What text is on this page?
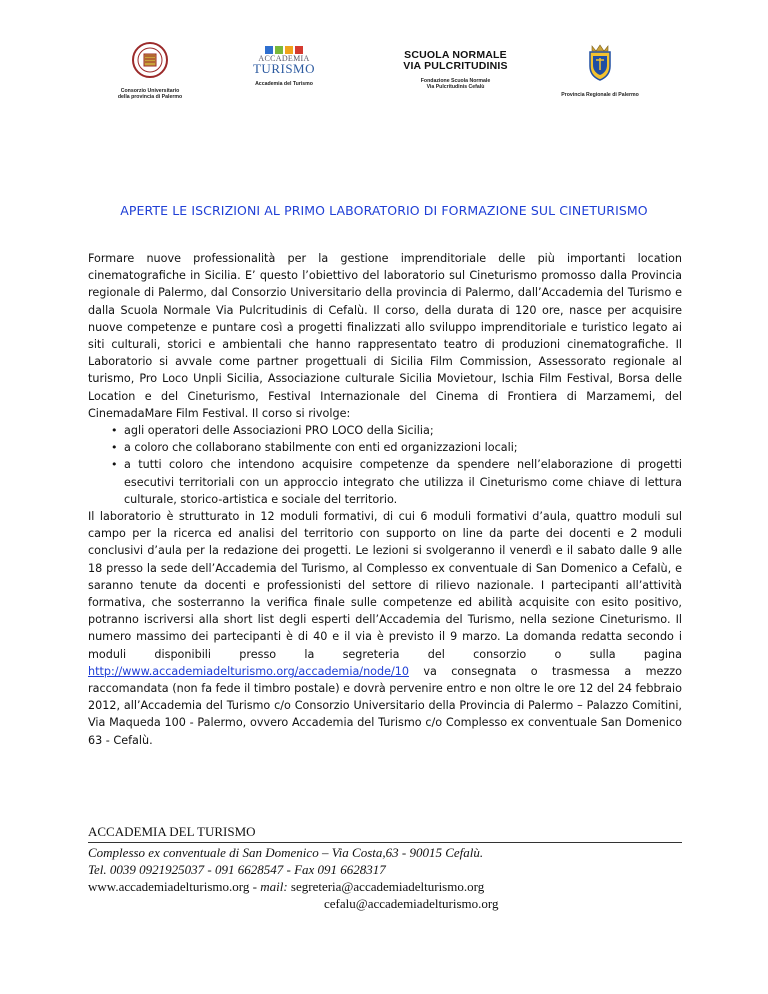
Consorzio Universitario
della provincia di Palermo
ACCADEMIA
TURISMO
Accademia del Turismo
SCUOLA NORMALE
VIA PULCRITUDINIS
Fondazione Scuola Normale
Via Pulcritudinis Cefalù
Provincia Regionale di Palermo
APERTE LE ISCRIZIONI AL PRIMO LABORATORIO DI FORMAZIONE SUL CINETURISMO

Formare nuove professionalità per la gestione imprenditoriale delle più importanti location cinematografiche in Sicilia. E’ questo l’obiettivo del laboratorio sul Cineturismo promosso dalla Provincia regionale di Palermo, dal Consorzio Universitario della provincia di Palermo, dall’Accademia del Turismo e dalla Scuola Normale Via Pulcritudinis di Cefalù. Il corso, della durata di 120 ore, nasce per acquisire nuove competenze e puntare così a progetti finalizzati allo sviluppo imprenditoriale e turistico legato ai siti culturali, storici e ambientali che hanno rappresentato teatro di produzioni cinematografiche. Il Laboratorio si avvale come partner progettuali di Sicilia Film Commission, Assessorato regionale al turismo, Pro Loco Unpli Sicilia, Associazione culturale Sicilia Movietour, Ischia Film Festival, Borsa delle Location e del Cineturismo, Festival Internazionale del Cinema di Frontiera di Marzamemi, del CinemadaMare Film Festival. Il corso si rivolge:

• agli operatori delle Associazioni PRO LOCO della Sicilia;
• a coloro che collaborano stabilmente con enti ed organizzazioni locali;
• a tutti coloro che intendono acquisire competenze da spendere nell’elaborazione di progetti esecutivi territoriali con un approccio integrato che utilizza il Cineturismo come chiave di lettura culturale, storico-artistica e sociale del territorio.

Il laboratorio è strutturato in 12 moduli formativi, di cui 6 moduli formativi d’aula, quattro moduli sul campo per la ricerca ed analisi del territorio con supporto on line da parte dei docenti e 2 moduli conclusivi d’aula per la redazione dei progetti. Le lezioni si svolgeranno il venerdì e il sabato dalle 9 alle 18 presso la sede dell’Accademia del Turismo, al Complesso ex conventuale di San Domenico a Cefalù, e saranno tenute da docenti e professionisti del settore di rilievo nazionale. I partecipanti all’attività formativa, che sosterranno la verifica finale sulle competenze ed abilità acquisite con esito positivo, potranno iscriversi alla short list degli esperti dell’Accademia del Turismo, nella sezione Cineturismo. Il numero massimo dei partecipanti è di 40 e il via è previsto il 9 marzo. La domanda redatta secondo i moduli disponibili presso la segreteria del consorzio o sulla pagina http://www.accademiadelturismo.org/accademia/node/10 va consegnata o trasmessa a mezzo raccomandata (non fa fede il timbro postale) e dovrà pervenire entro e non oltre le ore 12 del 24 febbraio 2012, all’Accademia del Turismo c/o Consorzio Universitario della Provincia di Palermo – Palazzo Comitini, Via Maqueda 100 - Palermo, ovvero Accademia del Turismo c/o Complesso ex conventuale San Domenico 63 - Cefalù.

ACCADEMIA DEL TURISMO
Complesso ex conventuale di San Domenico – Via Costa,63 - 90015 Cefalù.
Tel. 0039 0921925037 - 091 6628547 - Fax 091 6628317
www.accademiadelturismo.org - mail: segreteria@accademiadelturismo.org
cefalu@accademiadelturismo.org
